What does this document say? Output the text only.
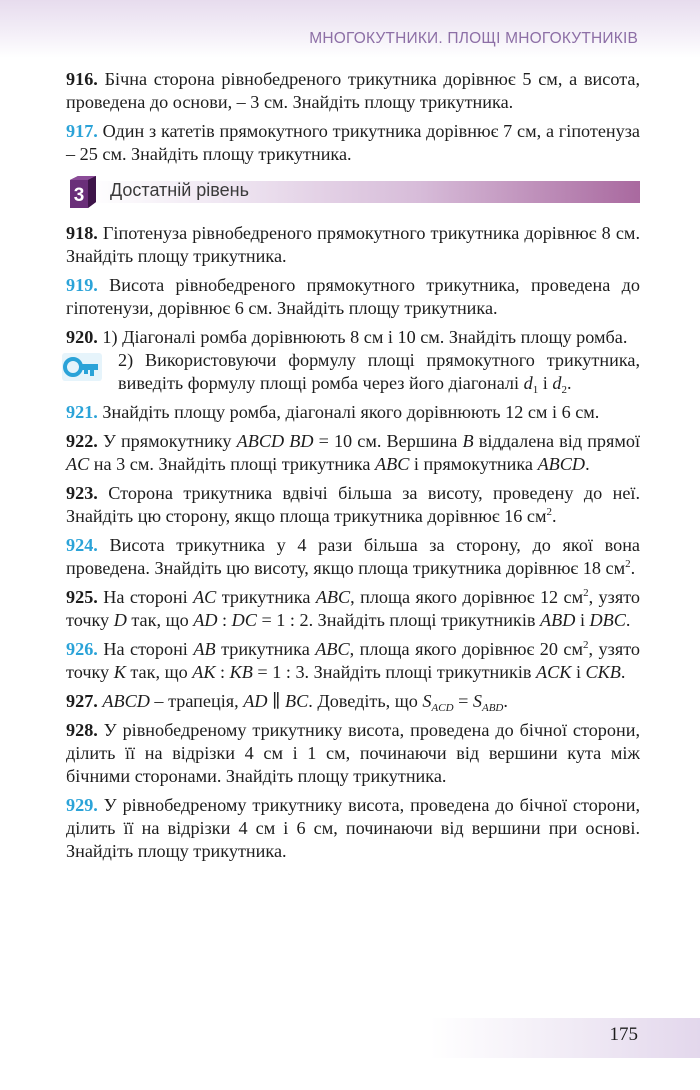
МНОГОКУТНИКИ. ПЛОЩІ МНОГОКУТНИКІВ

916. Бічна сторона рівнобедреного трикутника дорівнює 5 см, а висота, проведена до основи, – 3 см. Знайдіть площу трикутника.

917. Один з катетів прямокутного трикутника дорівнює 7 см, а гіпотенуза – 25 см. Знайдіть площу трикутника.

3 Достатній рівень

918. Гіпотенуза рівнобедреного прямокутного трикутника дорівнює 8 см. Знайдіть площу трикутника.

919. Висота рівнобедреного прямокутного трикутника, проведена до гіпотенузи, дорівнює 6 см. Знайдіть площу трикутника.

920. 1) Діагоналі ромба дорівнюють 8 см і 10 см. Знайдіть площу ромба.

2) Використовуючи формулу площі прямокутного трикутника, виведіть формулу площі ромба через його діагоналі $d_1$ і $d_2$.

921. Знайдіть площу ромба, діагоналі якого дорівнюють 12 см і 6 см.

922. У прямокутнику ABCD BD = 10 см. Вершина B віддалена від прямої AC на 3 см. Знайдіть площі трикутника ABC і прямокутника ABCD.

923. Сторона трикутника вдвічі більша за висоту, проведену до неї. Знайдіть цю сторону, якщо площа трикутника дорівнює 16 $см^2$.

924. Висота трикутника у 4 рази більша за сторону, до якої вона проведена. Знайдіть цю висоту, якщо площа трикутника дорівнює 18 $см^2$.

925. На стороні AC трикутника ABC, площа якого дорівнює 12 $см^2$, узято точку D так, що AD : DC = 1 : 2. Знайдіть площі трикутників ABD і DBC.

926. На стороні AB трикутника ABC, площа якого дорівнює 20 $см^2$, узято точку K так, що AK : KB = 1 : 3. Знайдіть площі трикутників ACK і CKB.

927. ABCD – трапеція, AD ∥ BC. Доведіть, що $S_{ACD} = S_{ABD}$.

928. У рівнобедреному трикутнику висота, проведена до бічної сторони, ділить її на відрізки 4 см і 1 см, починаючи від вершини кута між бічними сторонами. Знайдіть площу трикутника.

929. У рівнобедреному трикутнику висота, проведена до бічної сторони, ділить її на відрізки 4 см і 6 см, починаючи від вершини при основі. Знайдіть площу трикутника.

175
